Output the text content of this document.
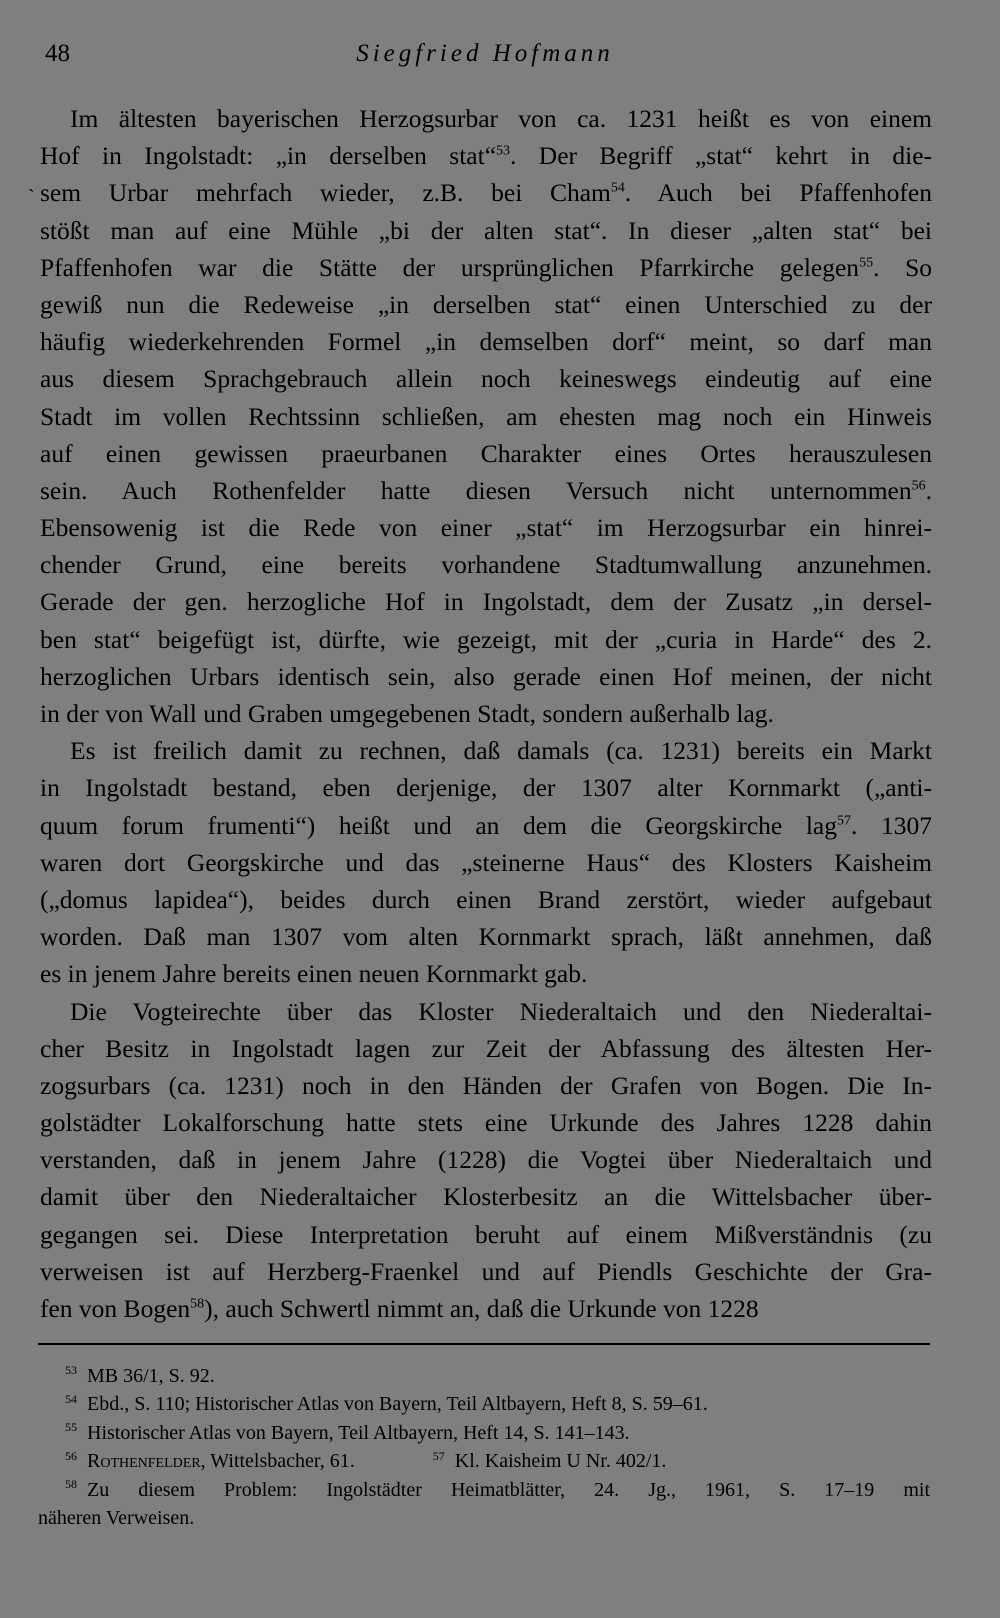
48	Siegfried Hofmann
`
Im ältesten bayerischen Herzogsurbar von ca. 1231 heißt es von einem
Hof in Ingolstadt: „in derselben stat“$^{53}$. Der Begriff „stat“ kehrt in die-
sem Urbar mehrfach wieder, z.B. bei Cham$^{54}$. Auch bei Pfaffenhofen
stößt man auf eine Mühle „bi der alten stat“. In dieser „alten stat“ bei
Pfaffenhofen war die Stätte der ursprünglichen Pfarrkirche gelegen$^{55}$. So
gewiß nun die Redeweise „in derselben stat“ einen Unterschied zu der
häufig wiederkehrenden Formel „in demselben dorf“ meint, so darf man
aus diesem Sprachgebrauch allein noch keineswegs eindeutig auf eine
Stadt im vollen Rechtssinn schließen, am ehesten mag noch ein Hinweis
auf einen gewissen praeurbanen Charakter eines Ortes herauszulesen
sein. Auch Rothenfelder hatte diesen Versuch nicht unternommen$^{56}$.
Ebensowenig ist die Rede von einer „stat“ im Herzogsurbar ein hinrei-
chender Grund, eine bereits vorhandene Stadtumwallung anzunehmen.
Gerade der gen. herzogliche Hof in Ingolstadt, dem der Zusatz „in dersel-
ben stat“ beigefügt ist, dürfte, wie gezeigt, mit der „curia in Harde“ des 2.
herzoglichen Urbars identisch sein, also gerade einen Hof meinen, der nicht
in der von Wall und Graben umgegebenen Stadt, sondern außerhalb lag.
Es ist freilich damit zu rechnen, daß damals (ca. 1231) bereits ein Markt
in Ingolstadt bestand, eben derjenige, der 1307 alter Kornmarkt („anti-
quum forum frumenti“) heißt und an dem die Georgskirche lag$^{57}$. 1307
waren dort Georgskirche und das „steinerne Haus“ des Klosters Kaisheim
(„domus lapidea“), beides durch einen Brand zerstört, wieder aufgebaut
worden. Daß man 1307 vom alten Kornmarkt sprach, läßt annehmen, daß
es in jenem Jahre bereits einen neuen Kornmarkt gab.
Die Vogteirechte über das Kloster Niederaltaich und den Niederaltai-
cher Besitz in Ingolstadt lagen zur Zeit der Abfassung des ältesten Her-
zogsurbars (ca. 1231) noch in den Händen der Grafen von Bogen. Die In-
golstädter Lokalforschung hatte stets eine Urkunde des Jahres 1228 dahin
verstanden, daß in jenem Jahre (1228) die Vogtei über Niederaltaich und
damit über den Niederaltaicher Klosterbesitz an die Wittelsbacher über-
gegangen sei. Diese Interpretation beruht auf einem Mißverständnis (zu
verweisen ist auf Herzberg-Fraenkel und auf Piendls Geschichte der Gra-
fen von Bogen$^{58}$), auch Schwertl nimmt an, daß die Urkunde von 1228
$^{53}$ MB 36/1, S. 92.
$^{54}$ Ebd., S. 110; Historischer Atlas von Bayern, Teil Altbayern, Heft 8, S. 59–61.
$^{55}$ Historischer Atlas von Bayern, Teil Altbayern, Heft 14, S. 141–143.
$^{56}$ Rothenfelder, Wittelsbacher, 61.	$^{57}$ Kl. Kaisheim U Nr. 402/1.
$^{58}$ Zu diesem Problem: Ingolstädter Heimatblätter, 24. Jg., 1961, S. 17–19 mit
näheren Verweisen.
